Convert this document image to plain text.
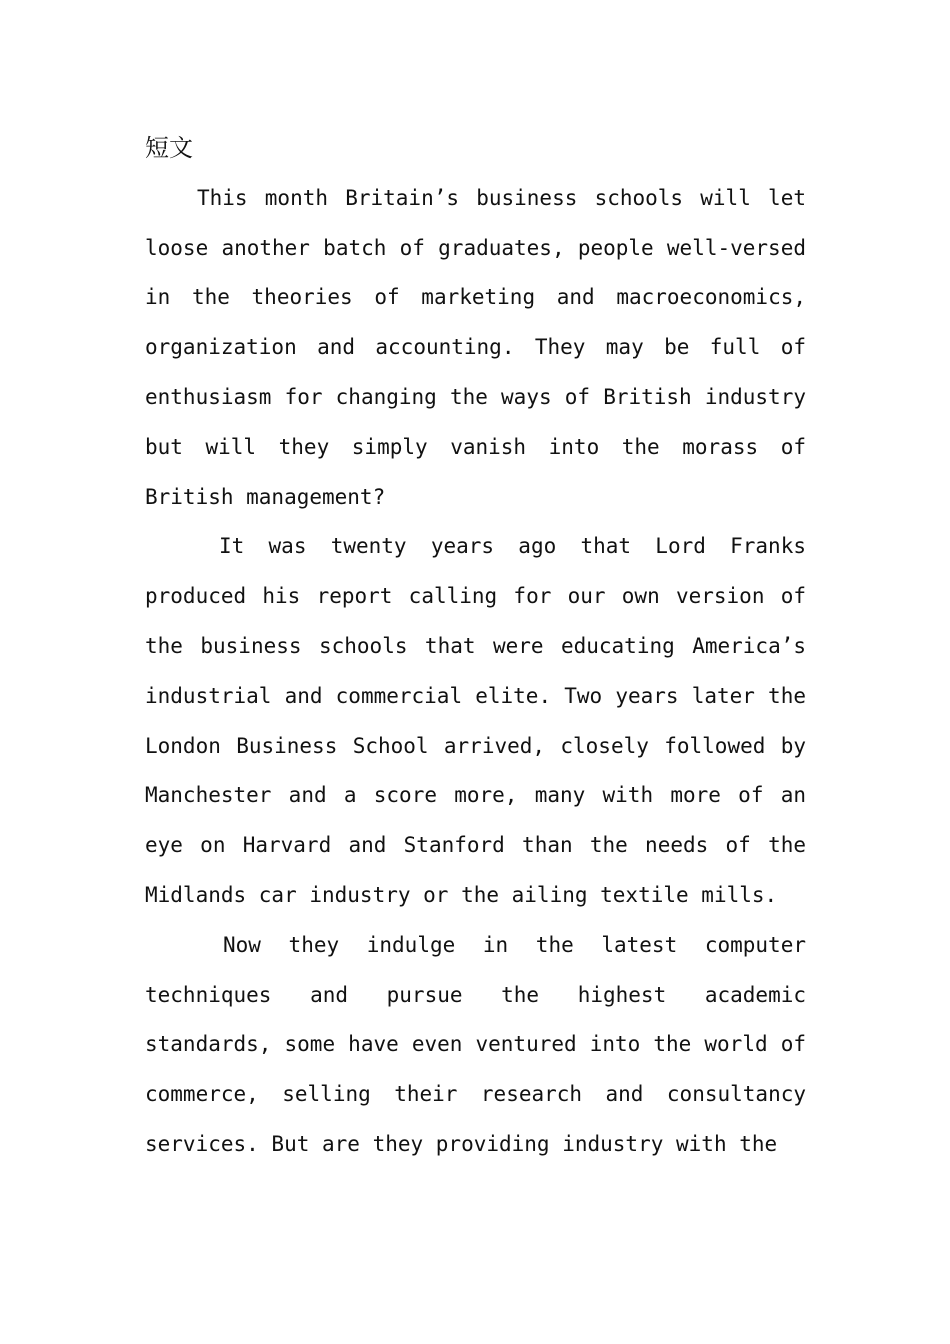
短文

This month Britain’s business schools will let loose another batch of graduates, people well-versed in the theories of marketing and macroeconomics, organization and accounting. They may be full of enthusiasm for changing the ways of British industry but will they simply vanish into the morass of British management?

It was twenty years ago that Lord Franks produced his report calling for our own version of the business schools that were educating America’s industrial and commercial elite. Two years later the London Business School arrived, closely followed by Manchester and a score more, many with more of an eye on Harvard and Stanford than the needs of the Midlands car industry or the ailing textile mills.

Now they indulge in the latest computer techniques and pursue the highest academic standards, some have even ventured into the world of commerce, selling their research and consultancy services. But are they providing industry with the
